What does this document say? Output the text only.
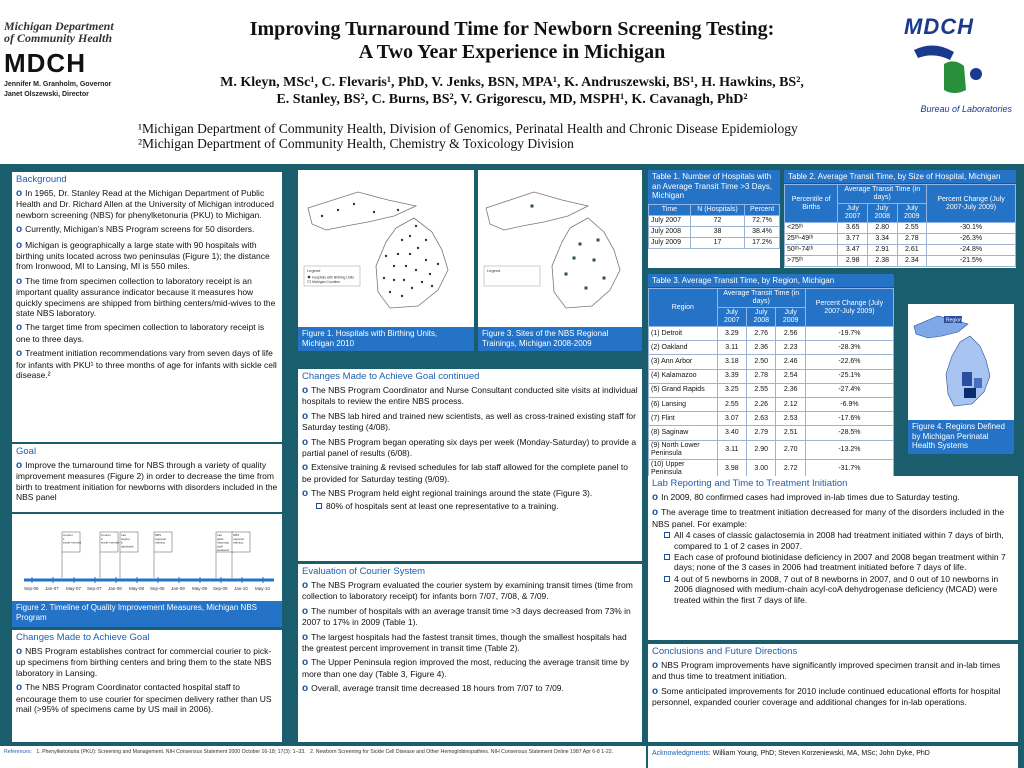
Michigan Department
of Community Health
MDCH
Jennifer M. Granholm, Governor
Janet Olszewski, Director
Improving Turnaround Time for Newborn Screening Testing:
A Two Year Experience in Michigan
M. Kleyn, MSc¹, C. Flevaris¹, PhD, V. Jenks, BSN, MPA¹, K. Andruszewski, BS¹, H. Hawkins, BS²,
E. Stanley, BS², C. Burns, BS², V. Grigorescu, MD, MSPH¹, K. Cavanagh, PhD²
¹Michigan Department of Community Health, Division of Genomics, Perinatal Health and Chronic Disease Epidemiology
²Michigan Department of Community Health, Chemistry & Toxicology Division
MDCH
Bureau of Laboratories
Background

o In 1965, Dr. Stanley Read at the Michigan Department of Public Health and Dr. Richard Allen at the University of Michigan introduced newborn screening (NBS) for phenylketonuria (PKU) to Michigan.

o Currently, Michigan’s NBS Program screens for 50 disorders.

o Michigan is geographically a large state with 90 hospitals with birthing units located across two peninsulas (Figure 1); the distance from Ironwood, MI to Lansing, MI is 550 miles.

o The time from specimen collection to laboratory receipt is an important quality assurance indicator because it measures how quickly specimens are shipped from birthing centers/mid-wives to the state NBS laboratory.

o The target time from specimen collection to laboratory receipt is one to three days.

o Treatment initiation recommendations vary from seven days of life for infants with PKU¹ to three months of age for infants with sickle cell disease.²

Goal

o Improve the turnaround time for NBS through a variety of quality improvement measures (Figure 2) in order to decrease the time from birth to treatment initiation for newborns with disorders included in the NBS panel

Sep-06 Jan-07 May-07 Sep-07 Jan-08 May-08 Sep-08 Jan-09 May-09 Sep-09 Jan-10 May-10
Courier
1
imple-mented
Courier
2
imple-mented
Lab
begins
6
day/week
NBS
regional
training
Lab
adds
Saturday
staff
weekend
NBS
regional
training
Figure 2. Timeline of Quality Improvement Measures, Michigan NBS Program
Changes Made to Achieve Goal

o NBS Program establishes contract for commercial courier to pick-up specimens from birthing centers and bring them to the state NBS laboratory in Lansing.

o The NBS Program Coordinator contacted hospital staff to encourage them to use courier for specimen delivery rather than US mail (>95% of specimens came by US mail in 2006).

Legend
Hospitals with Birthing Units
Michigan Counties
Figure 1. Hospitals with Birthing Units, Michigan 2010
Legend
Figure 3. Sites of the NBS Regional Trainings, Michigan 2008-2009
Changes Made to Achieve Goal continued

o The NBS Program Coordinator and Nurse Consultant conducted site visits at individual hospitals to review the entire NBS process.

o The NBS lab hired and trained new scientists, as well as cross-trained existing staff for Saturday testing (4/08).

o The NBS Program began operating six days per week (Monday-Saturday) to provide a partial panel of results (6/08).

o Extensive training & revised schedules for lab staff allowed for the complete panel to be provided for Saturday testing (9/09).

o The NBS Program held eight regional trainings around the state (Figure 3).

80% of hospitals sent at least one representative to a training.

Evaluation of Courier System

o The NBS Program evaluated the courier system by examining transit times (time from collection to laboratory receipt) for infants born 7/07, 7/08, & 7/09.

o The number of hospitals with an average transit time >3 days decreased from 73% in 2007 to 17% in 2009 (Table 1).

o The largest hospitals had the fastest transit times, though the smallest hospitals had the greatest percent improvement in transit time (Table 2).

o The Upper Peninsula region improved the most, reducing the average transit time by more than one day (Table 3, Figure 4).

o Overall, average transit time decreased 18 hours from 7/07 to 7/09.

Table 1. Number of Hospitals with an Average Transit Time >3 Days, Michigan
Time	N (Hospitals)	Percent
July 2007	72	72.7%
July 2008	38	38.4%
July 2009	17	17.2%
Table 2. Average Transit Time, by Size of Hospital, Michigan
Percentile of Births	Average Transit Time (in days)			Percent Change (July 2007-July 2009)
	July 2007	July 2008	July 2009	
<25ᵗʰ	3.65	2.80	2.55	-30.1%
25ᵗʰ-49ᵗʰ	3.77	3.34	2.78	-26.3%
50ᵗʰ-74ᵗʰ	3.47	2.91	2.61	-24.8%
>75ᵗʰ	2.98	2.38	2.34	-21.5%
Table 3. Average Transit Time, by Region, Michigan
Region	Average Transit Time (in days)			Percent Change (July 2007-July 2009)
	July 2007	July 2008	July 2009	
(1) Detroit	3.29	2.76	2.56	-19.7%
(2) Oakland	3.11	2.36	2.23	-28.3%
(3) Ann Arbor	3.18	2.50	2.46	-22.6%
(4) Kalamazoo	3.39	2.78	2.54	-25.1%
(5) Grand Rapids	3.25	2.55	2.36	-27.4%
(6) Lansing	2.55	2.26	2.12	-6.9%
(7) Flint	3.07	2.63	2.53	-17.6%
(8) Saginaw	3.40	2.79	2.51	-28.5%
(9) North Lower Peninsula	3.11	2.90	2.70	-13.2%
(10) Upper Peninsula	3.98	3.00	2.72	-31.7%
Region
Figure 4. Regions Defined by Michigan Perinatal Health Systems
Lab Reporting and Time to Treatment Initiation

o In 2009, 80 confirmed cases had improved in-lab times due to Saturday testing.

o The average time to treatment initiation decreased for many of the disorders included in the NBS panel. For example:

All 4 cases of classic galactosemia in 2008 had treatment initiated within 7 days of birth, compared to 1 of 2 cases in 2007.

Each case of profound biotinidase deficiency in 2007 and 2008 began treatment within 7 days; none of the 3 cases in 2006 had treatment initiated before 7 days of life.

4 out of 5 newborns in 2008, 7 out of 8 newborns in 2007, and 0 out of 10 newborns in 2006 diagnosed with medium-chain acyl-coA dehydrogenase deficiency (MCAD) were treated within the first 7 days of life.

Conclusions and Future Directions

o NBS Program improvements have significantly improved specimen transit and in-lab times and thus time to treatment initiation.

o Some anticipated improvements for 2010 include continued educational efforts for hospital personnel, expanded courier coverage and additional changes for in-lab operations.

References: 1. Phenylketonuria (PKU): Screening and Management. NIH Consensus Statement 2000 October 16-18; 17(3): 1–33. 2. Newborn Screening for Sickle Cell Disease and Other Hemoglobinopathies. NIH Consensus Statement Online 1987 Apr 6-8 1-22.	Acknowledgments: William Young, PhD; Steven Korzeniewski, MA, MSc; John Dyke, PhD
